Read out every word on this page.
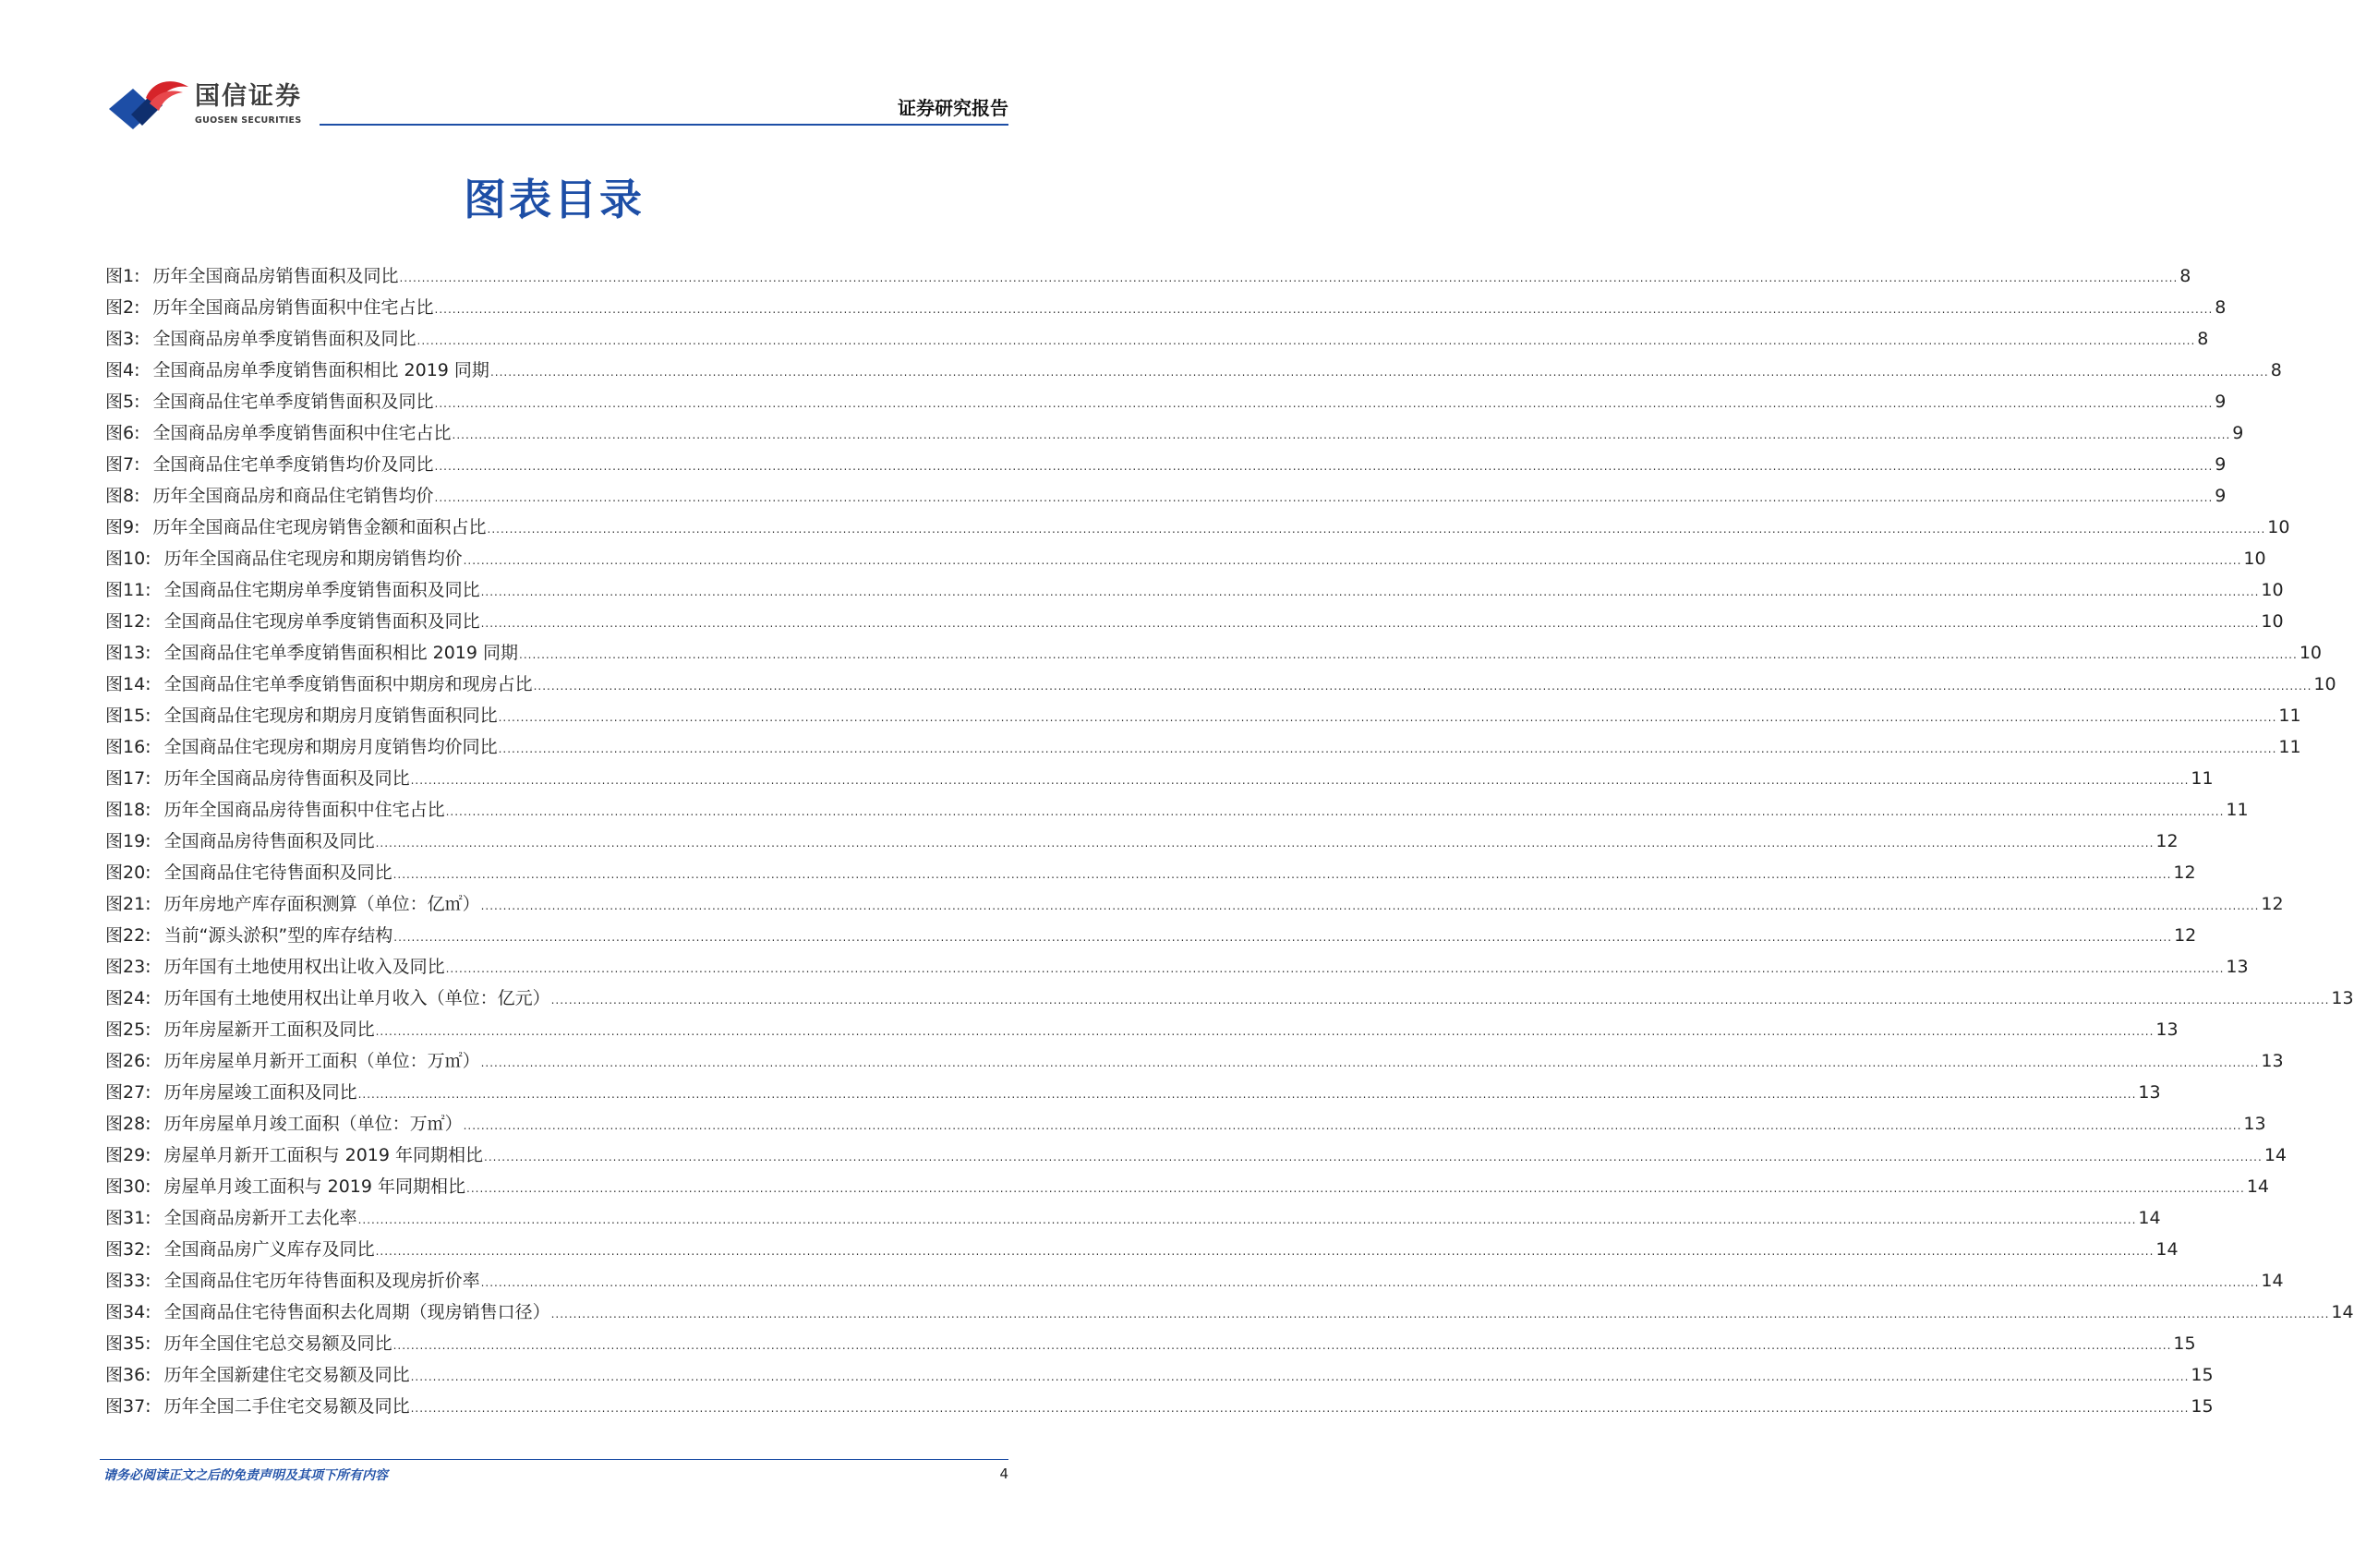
国信证券
GUOSEN SECURITIES
证券研究报告
图表目录
图1: 历年全国商品房销售面积及同比 ................................................................................................................................................................................................................................................................................................................................................................................................................ 8
图2: 历年全国商品房销售面积中住宅占比 ................................................................................................................................................................................................................................................................................................................................................................................................................ 8
图3: 全国商品房单季度销售面积及同比 ................................................................................................................................................................................................................................................................................................................................................................................................................ 8
图4: 全国商品房单季度销售面积相比 2019 同期 ................................................................................................................................................................................................................................................................................................................................................................................................................ 8
图5: 全国商品住宅单季度销售面积及同比 ................................................................................................................................................................................................................................................................................................................................................................................................................ 9
图6: 全国商品房单季度销售面积中住宅占比 ................................................................................................................................................................................................................................................................................................................................................................................................................ 9
图7: 全国商品住宅单季度销售均价及同比 ................................................................................................................................................................................................................................................................................................................................................................................................................ 9
图8: 历年全国商品房和商品住宅销售均价 ................................................................................................................................................................................................................................................................................................................................................................................................................ 9
图9: 历年全国商品住宅现房销售金额和面积占比 ................................................................................................................................................................................................................................................................................................................................................................................................................ 10
图10: 历年全国商品住宅现房和期房销售均价 ................................................................................................................................................................................................................................................................................................................................................................................................................ 10
图11: 全国商品住宅期房单季度销售面积及同比 ................................................................................................................................................................................................................................................................................................................................................................................................................ 10
图12: 全国商品住宅现房单季度销售面积及同比 ................................................................................................................................................................................................................................................................................................................................................................................................................ 10
图13: 全国商品住宅单季度销售面积相比 2019 同期 ................................................................................................................................................................................................................................................................................................................................................................................................................ 10
图14: 全国商品住宅单季度销售面积中期房和现房占比 ................................................................................................................................................................................................................................................................................................................................................................................................................ 10
图15: 全国商品住宅现房和期房月度销售面积同比 ................................................................................................................................................................................................................................................................................................................................................................................................................ 11
图16: 全国商品住宅现房和期房月度销售均价同比 ................................................................................................................................................................................................................................................................................................................................................................................................................ 11
图17: 历年全国商品房待售面积及同比 ................................................................................................................................................................................................................................................................................................................................................................................................................ 11
图18: 历年全国商品房待售面积中住宅占比 ................................................................................................................................................................................................................................................................................................................................................................................................................ 11
图19: 全国商品房待售面积及同比 ................................................................................................................................................................................................................................................................................................................................................................................................................ 12
图20: 全国商品住宅待售面积及同比 ................................................................................................................................................................................................................................................................................................................................................................................................................ 12
图21: 历年房地产库存面积测算（单位：亿㎡） ................................................................................................................................................................................................................................................................................................................................................................................................................ 12
图22: 当前“源头淤积”型的库存结构 ................................................................................................................................................................................................................................................................................................................................................................................................................ 12
图23: 历年国有土地使用权出让收入及同比 ................................................................................................................................................................................................................................................................................................................................................................................................................ 13
图24: 历年国有土地使用权出让单月收入（单位：亿元） ................................................................................................................................................................................................................................................................................................................................................................................................................ 13
图25: 历年房屋新开工面积及同比 ................................................................................................................................................................................................................................................................................................................................................................................................................ 13
图26: 历年房屋单月新开工面积（单位：万㎡） ................................................................................................................................................................................................................................................................................................................................................................................................................ 13
图27: 历年房屋竣工面积及同比 ................................................................................................................................................................................................................................................................................................................................................................................................................ 13
图28: 历年房屋单月竣工面积（单位：万㎡） ................................................................................................................................................................................................................................................................................................................................................................................................................ 13
图29: 房屋单月新开工面积与 2019 年同期相比 ................................................................................................................................................................................................................................................................................................................................................................................................................ 14
图30: 房屋单月竣工面积与 2019 年同期相比 ................................................................................................................................................................................................................................................................................................................................................................................................................ 14
图31: 全国商品房新开工去化率 ................................................................................................................................................................................................................................................................................................................................................................................................................ 14
图32: 全国商品房广义库存及同比 ................................................................................................................................................................................................................................................................................................................................................................................................................ 14
图33: 全国商品住宅历年待售面积及现房折价率 ................................................................................................................................................................................................................................................................................................................................................................................................................ 14
图34: 全国商品住宅待售面积去化周期（现房销售口径） ................................................................................................................................................................................................................................................................................................................................................................................................................ 14
图35: 历年全国住宅总交易额及同比 ................................................................................................................................................................................................................................................................................................................................................................................................................ 15
图36: 历年全国新建住宅交易额及同比 ................................................................................................................................................................................................................................................................................................................................................................................................................ 15
图37: 历年全国二手住宅交易额及同比 ................................................................................................................................................................................................................................................................................................................................................................................................................ 15
请务必阅读正文之后的免责声明及其项下所有内容	4
